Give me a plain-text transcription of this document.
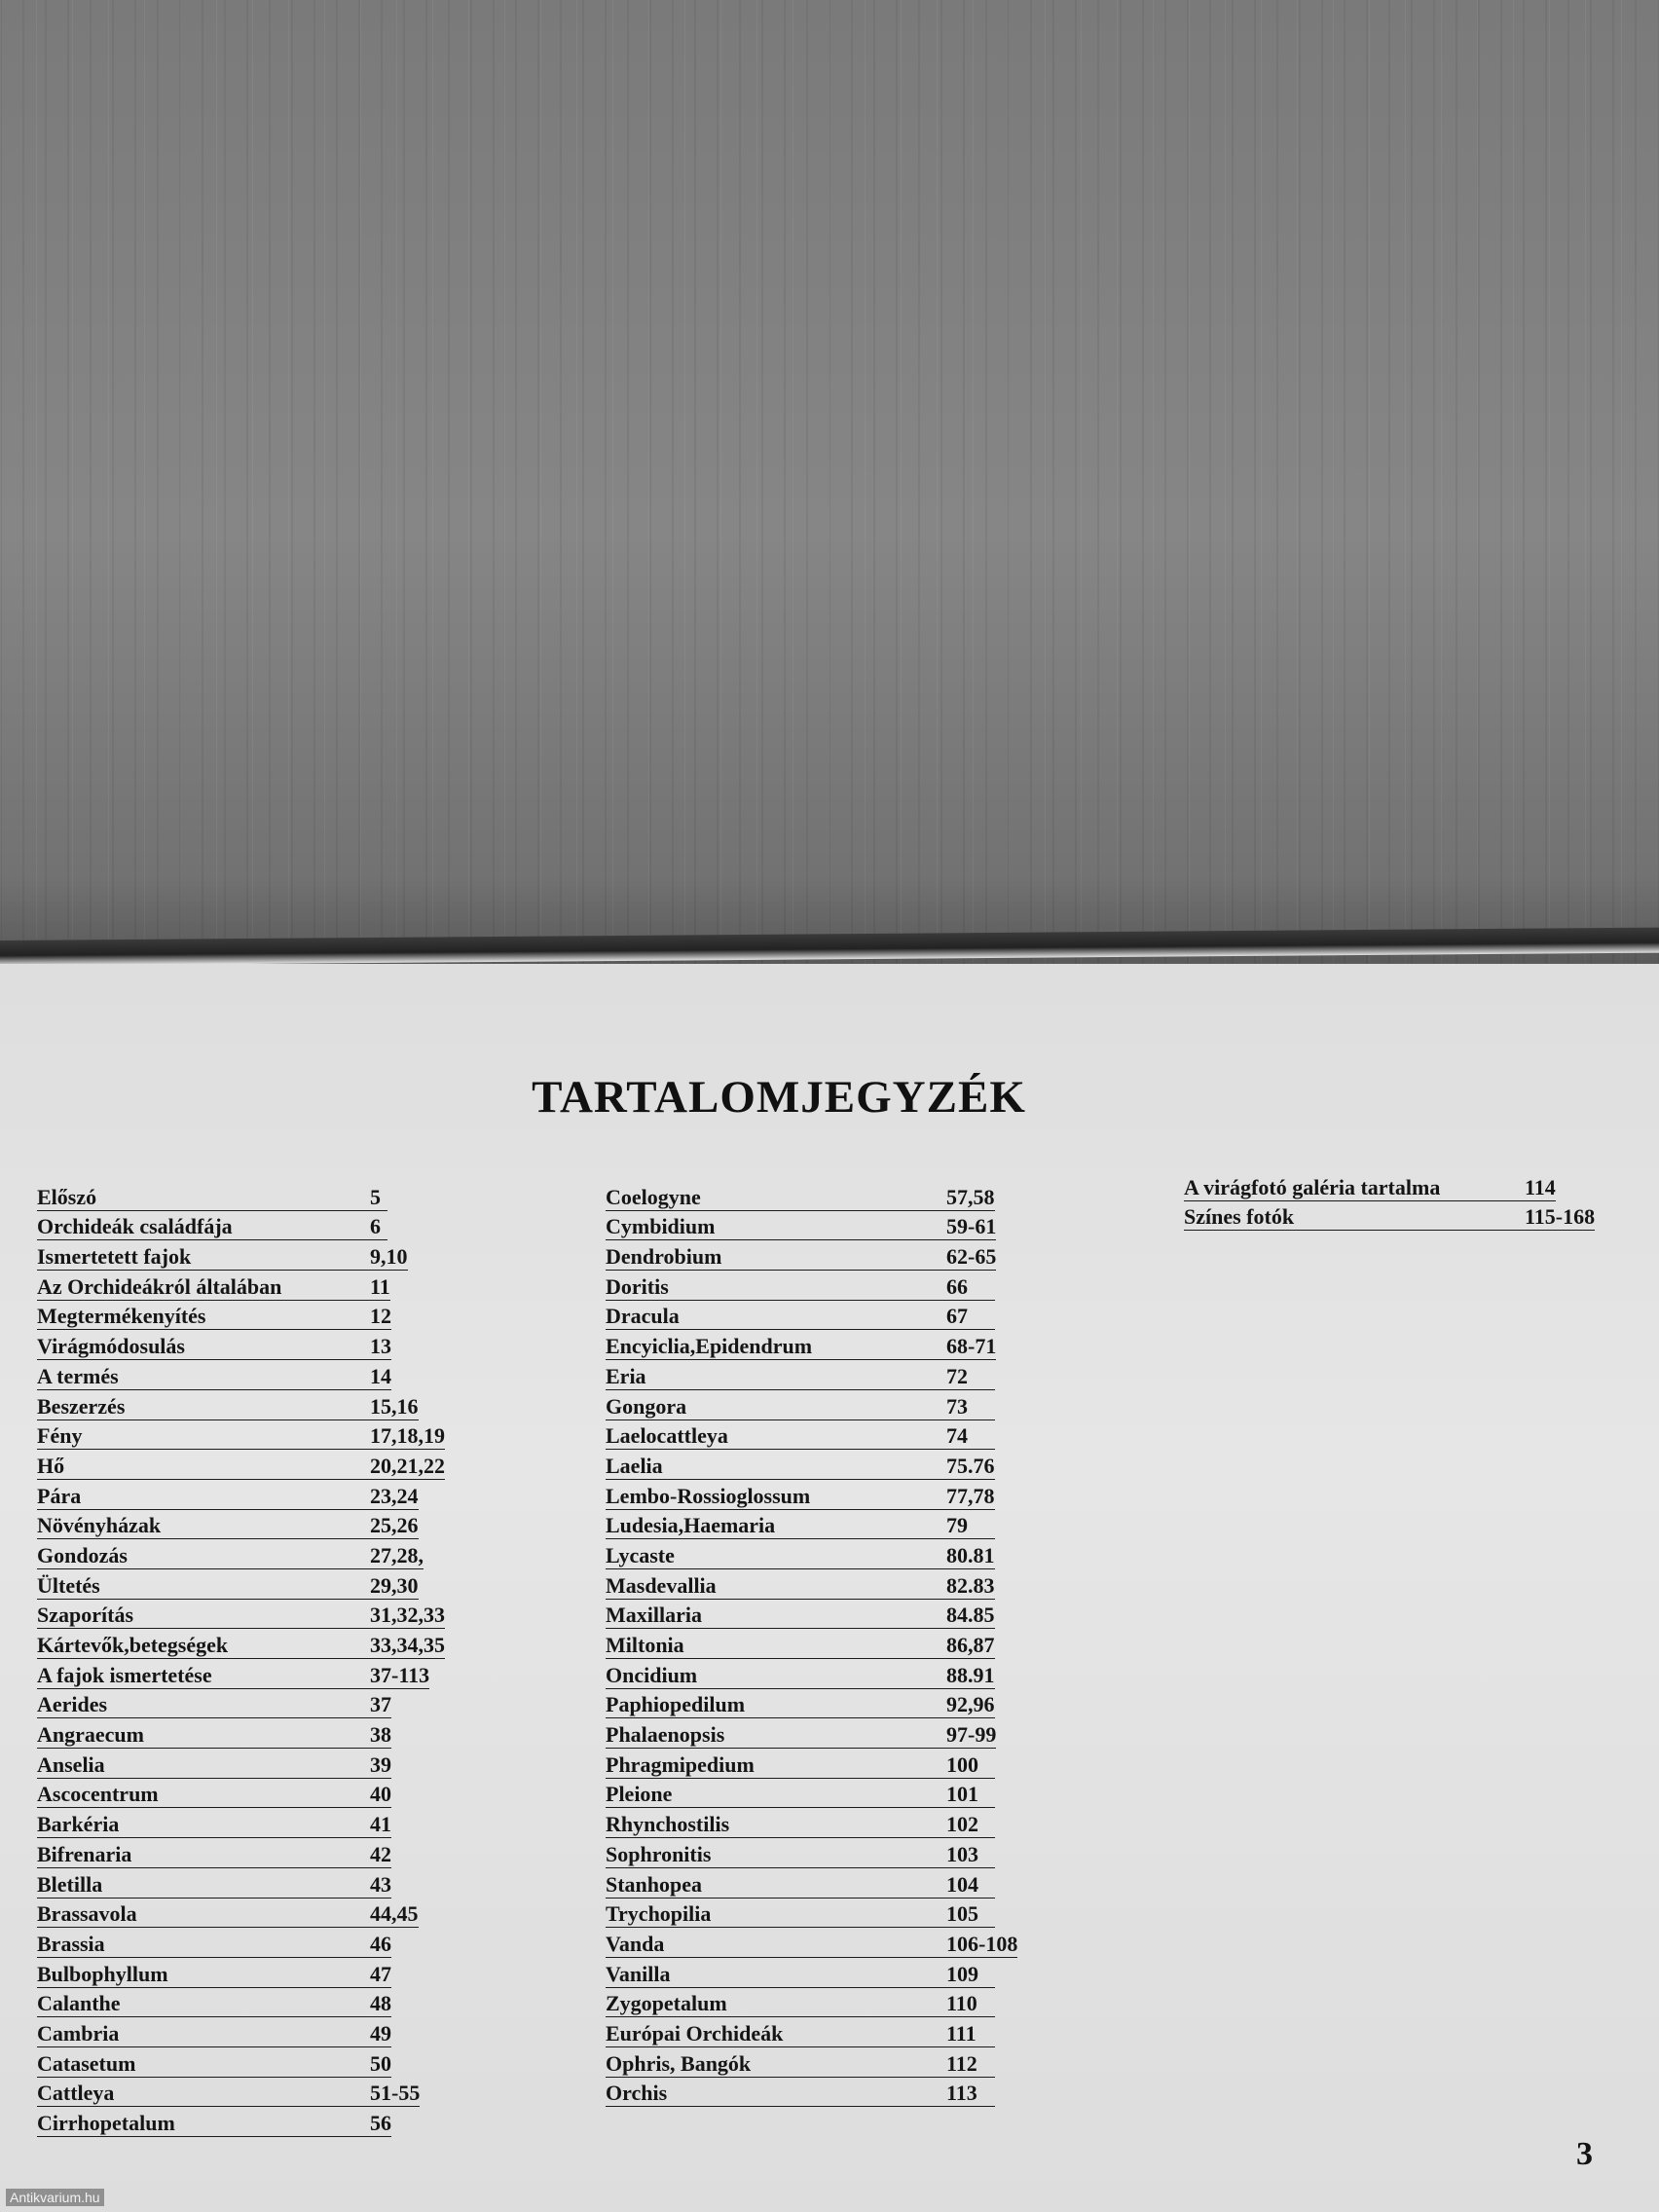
TARTALOMJEGYZÉK
Előszó	5
Orchideák családfája	6
Ismertetett fajok	9,10
Az Orchideákról általában	11
Megtermékenyítés	12
Virágmódosulás	13
A termés	14
Beszerzés	15,16
Fény	17,18,19
Hő	20,21,22
Pára	23,24
Növényházak	25,26
Gondozás	27,28,
Ültetés	29,30
Szaporítás	31,32,33
Kártevők,betegségek	33,34,35
A fajok ismertetése	37-113
Aerides	37
Angraecum	38
Anselia	39
Ascocentrum	40
Barkéria	41
Bifrenaria	42
Bletilla	43
Brassavola	44,45
Brassia	46
Bulbophyllum	47
Calanthe	48
Cambria	49
Catasetum	50
Cattleya	51-55
Cirrhopetalum	56
Coelogyne	57,58
Cymbidium	59-61
Dendrobium	62-65
Doritis	66
Dracula	67
Encyiclia,Epidendrum	68-71
Eria	72
Gongora	73
Laelocattleya	74
Laelia	75.76
Lembo-Rossioglossum	77,78
Ludesia,Haemaria	79
Lycaste	80.81
Masdevallia	82.83
Maxillaria	84.85
Miltonia	86,87
Oncidium	88.91
Paphiopedilum	92,96
Phalaenopsis	97-99
Phragmipedium	100
Pleione	101
Rhynchostilis	102
Sophronitis	103
Stanhopea	104
Trychopilia	105
Vanda	106-108
Vanilla	109
Zygopetalum	110
Európai Orchideák	111
Ophris, Bangók	112
Orchis	113
A virágfotó galéria tartalma	114
Színes fotók	115-168
3
Antikvarium.hu
